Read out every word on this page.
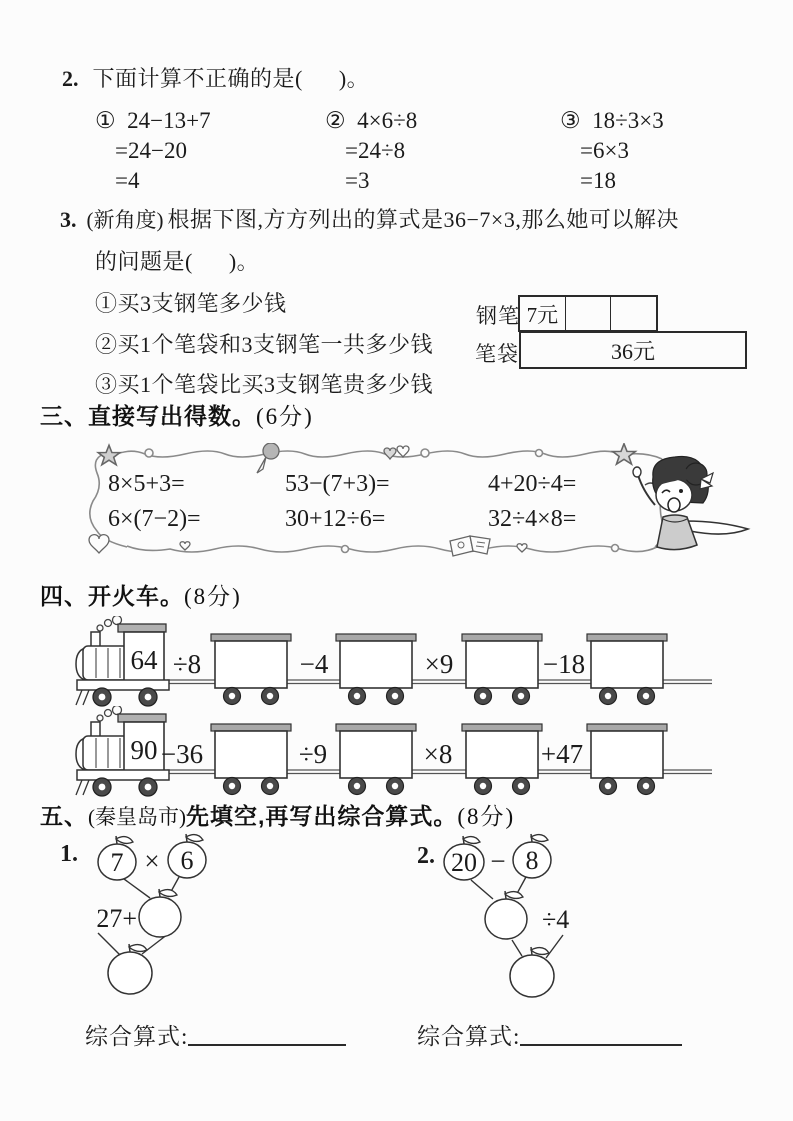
2. 下面计算不正确的是(      )。
① 24−13+7
=24−20
=4
② 4×6÷8
=24÷8
=3
③ 18÷3×3
=6×3
=18
3. (新角度) 根据下图,方方列出的算式是36−7×3,那么她可以解决
的问题是(      )。
①买3支钢笔多少钱
②买1个笔袋和3支钢笔一共多少钱
③买1个笔袋比买3支钢笔贵多少钱
钢笔 7元
笔袋	36元
三、直接写出得数。(6分)
8×5+3=	53−(7+3)=	4+20÷4=
6×(7−2)=	30+12÷6=	32÷4×8=
四、开火车。(8分)
64 ÷8	−4	×9	−18
90 −36	÷9	×8	+47
五、(秦皇岛市)先填空,再写出综合算式。(8分)
1. 7 × 6
27+
2. 20 − 8
÷4
综合算式:	综合算式:
